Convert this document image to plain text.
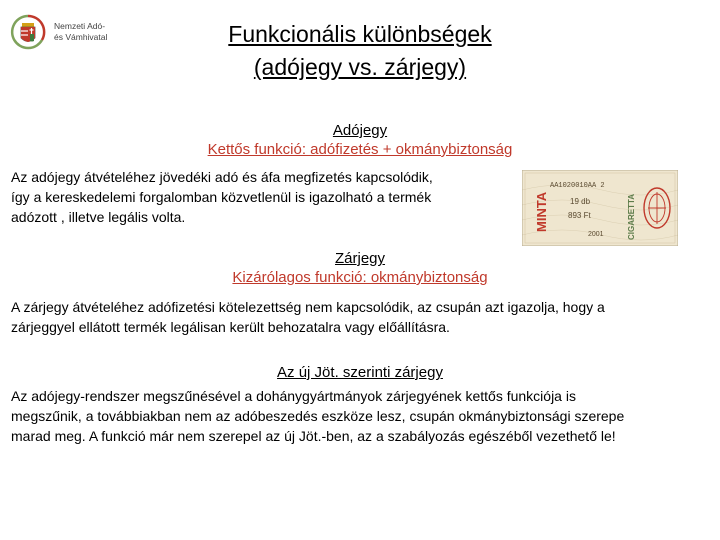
Nemzeti Adó-
és Vámhivatal	Funkcionális különbségek
(adójegy vs. zárjegy)
Adójegy
Kettős funkció: adófizetés + okmánybiztonság
Az adójegy átvételéhez jövedéki adó és áfa megfizetés kapcsolódik,
így a kereskedelemi forgalomban közvetlenül is igazolható a termék
adózott , illetve legális volta.	MINTA
AA1020010AA 2
19 db
893 Ft
2001	CIGARETTA
Zárjegy
Kizárólagos funkció: okmánybiztonság
A zárjegy átvételéhez adófizetési kötelezettség nem kapcsolódik, az csupán azt igazolja, hogy a
zárjeggyel ellátott termék legálisan került behozatalra vagy előállításra.
Az új Jöt. szerinti zárjegy
Az adójegy-rendszer megszűnésével a dohánygyártmányok zárjegyének kettős funkciója is
megszűnik, a továbbiakban nem az adóbeszedés eszköze lesz, csupán okmánybiztonsági szerepe
marad meg. A funkció már nem szerepel az új Jöt.-ben, az a szabályozás egészéből vezethető le!
